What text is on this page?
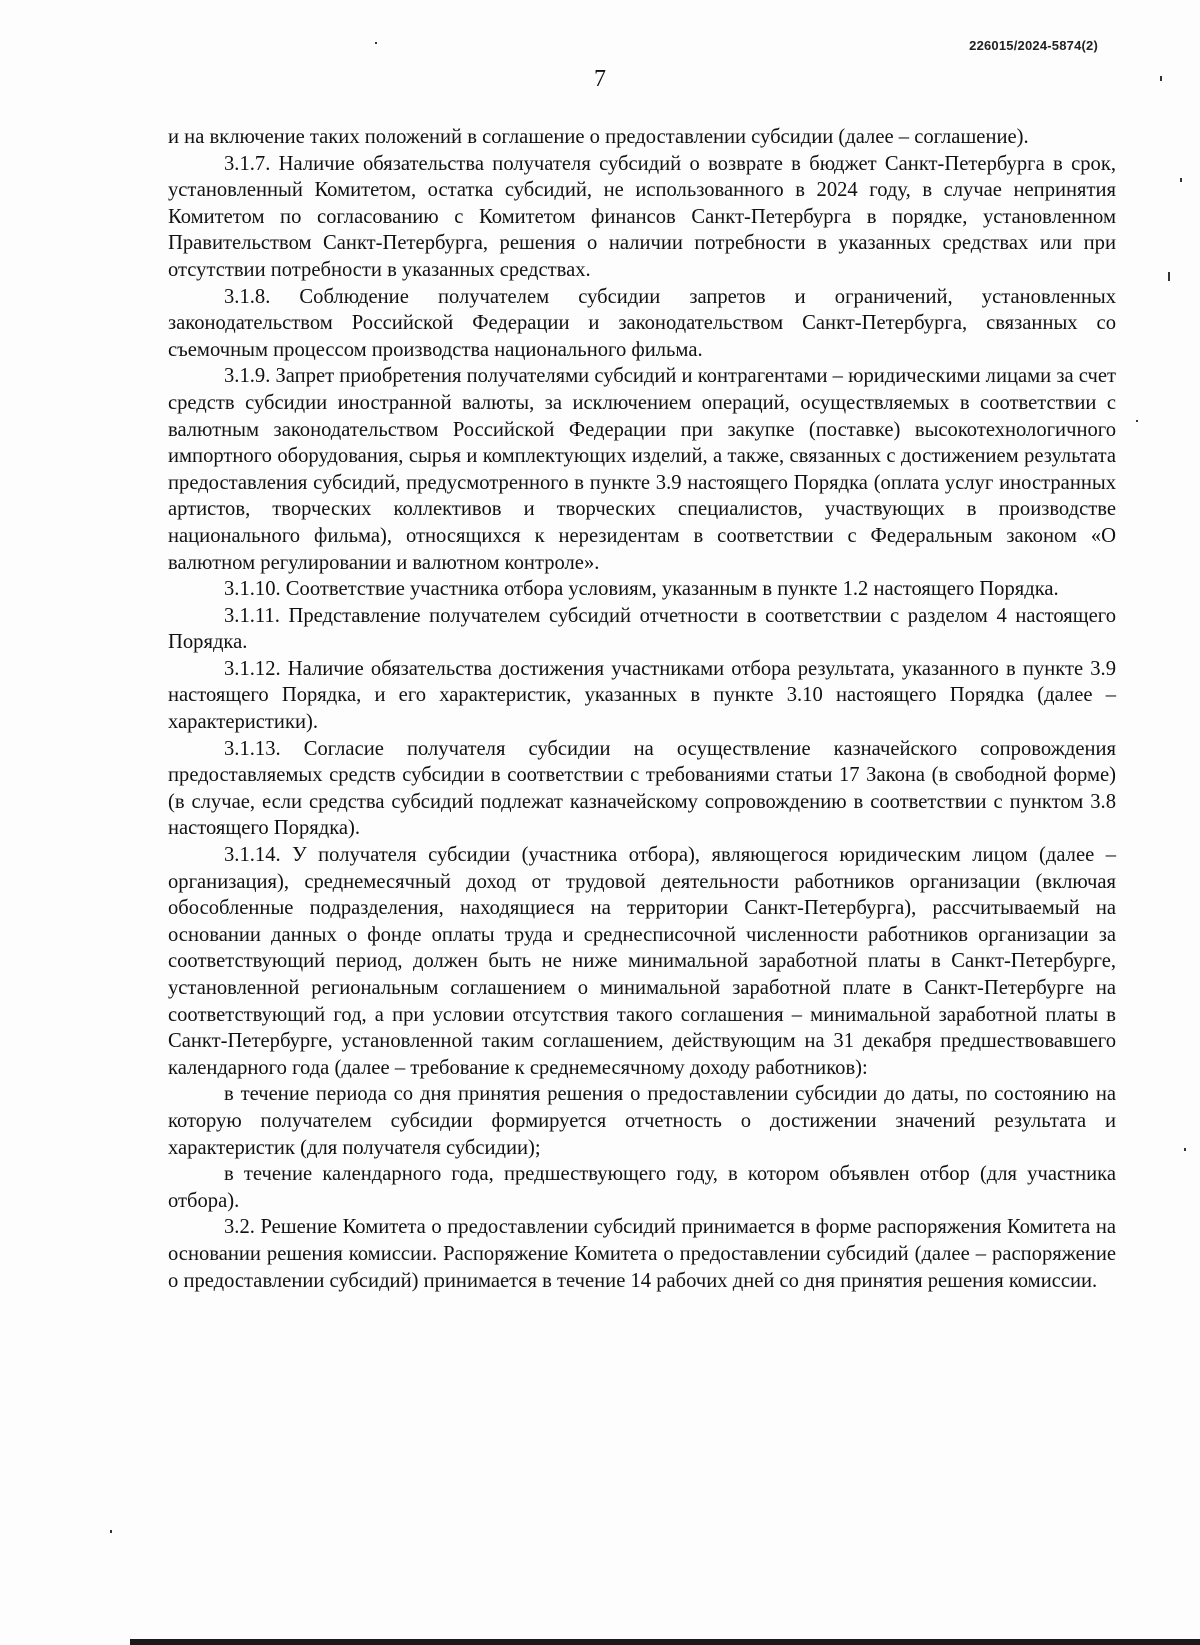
226015/2024-5874(2)
7

и на включение таких положений в соглашение о предоставлении субсидии (далее – соглашение).

3.1.7. Наличие обязательства получателя субсидий о возврате в бюджет Санкт-Петербурга в срок, установленный Комитетом, остатка субсидий, не использованного в 2024 году, в случае непринятия Комитетом по согласованию с Комитетом финансов Санкт-Петербурга в порядке, установленном Правительством Санкт-Петербурга, решения о наличии потребности в указанных средствах или при отсутствии потребности в указанных средствах.

3.1.8. Соблюдение получателем субсидии запретов и ограничений, установленных законодательством Российской Федерации и законодательством Санкт-Петербурга, связанных со съемочным процессом производства национального фильма.

3.1.9. Запрет приобретения получателями субсидий и контрагентами – юридическими лицами за счет средств субсидии иностранной валюты, за исключением операций, осуществляемых в соответствии с валютным законодательством Российской Федерации при закупке (поставке) высокотехнологичного импортного оборудования, сырья и комплектующих изделий, а также, связанных с достижением результата предоставления субсидий, предусмотренного в пункте 3.9 настоящего Порядка (оплата услуг иностранных артистов, творческих коллективов и творческих специалистов, участвующих в производстве национального фильма), относящихся к нерезидентам в соответствии с Федеральным законом «О валютном регулировании и валютном контроле».

3.1.10. Соответствие участника отбора условиям, указанным в пункте 1.2 настоящего Порядка.

3.1.11. Представление получателем субсидий отчетности в соответствии с разделом 4 настоящего Порядка.

3.1.12. Наличие обязательства достижения участниками отбора результата, указанного в пункте 3.9 настоящего Порядка, и его характеристик, указанных в пункте 3.10 настоящего Порядка (далее – характеристики).

3.1.13. Согласие получателя субсидии на осуществление казначейского сопровождения предоставляемых средств субсидии в соответствии с требованиями статьи 17 Закона (в свободной форме) (в случае, если средства субсидий подлежат казначейскому сопровождению в соответствии с пунктом 3.8 настоящего Порядка).

3.1.14. У получателя субсидии (участника отбора), являющегося юридическим лицом (далее – организация), среднемесячный доход от трудовой деятельности работников организации (включая обособленные подразделения, находящиеся на территории Санкт-Петербурга), рассчитываемый на основании данных о фонде оплаты труда и среднесписочной численности работников организации за соответствующий период, должен быть не ниже минимальной заработной платы в Санкт-Петербурге, установленной региональным соглашением о минимальной заработной плате в Санкт-Петербурге на соответствующий год, а при условии отсутствия такого соглашения – минимальной заработной платы в Санкт-Петербурге, установленной таким соглашением, действующим на 31 декабря предшествовавшего календарного года (далее – требование к среднемесячному доходу работников):

в течение периода со дня принятия решения о предоставлении субсидии до даты, по состоянию на которую получателем субсидии формируется отчетность о достижении значений результата и характеристик (для получателя субсидии);

в течение календарного года, предшествующего году, в котором объявлен отбор (для участника отбора).

3.2. Решение Комитета о предоставлении субсидий принимается в форме распоряжения Комитета на основании решения комиссии. Распоряжение Комитета о предоставлении субсидий (далее – распоряжение о предоставлении субсидий) принимается в течение 14 рабочих дней со дня принятия решения комиссии.
